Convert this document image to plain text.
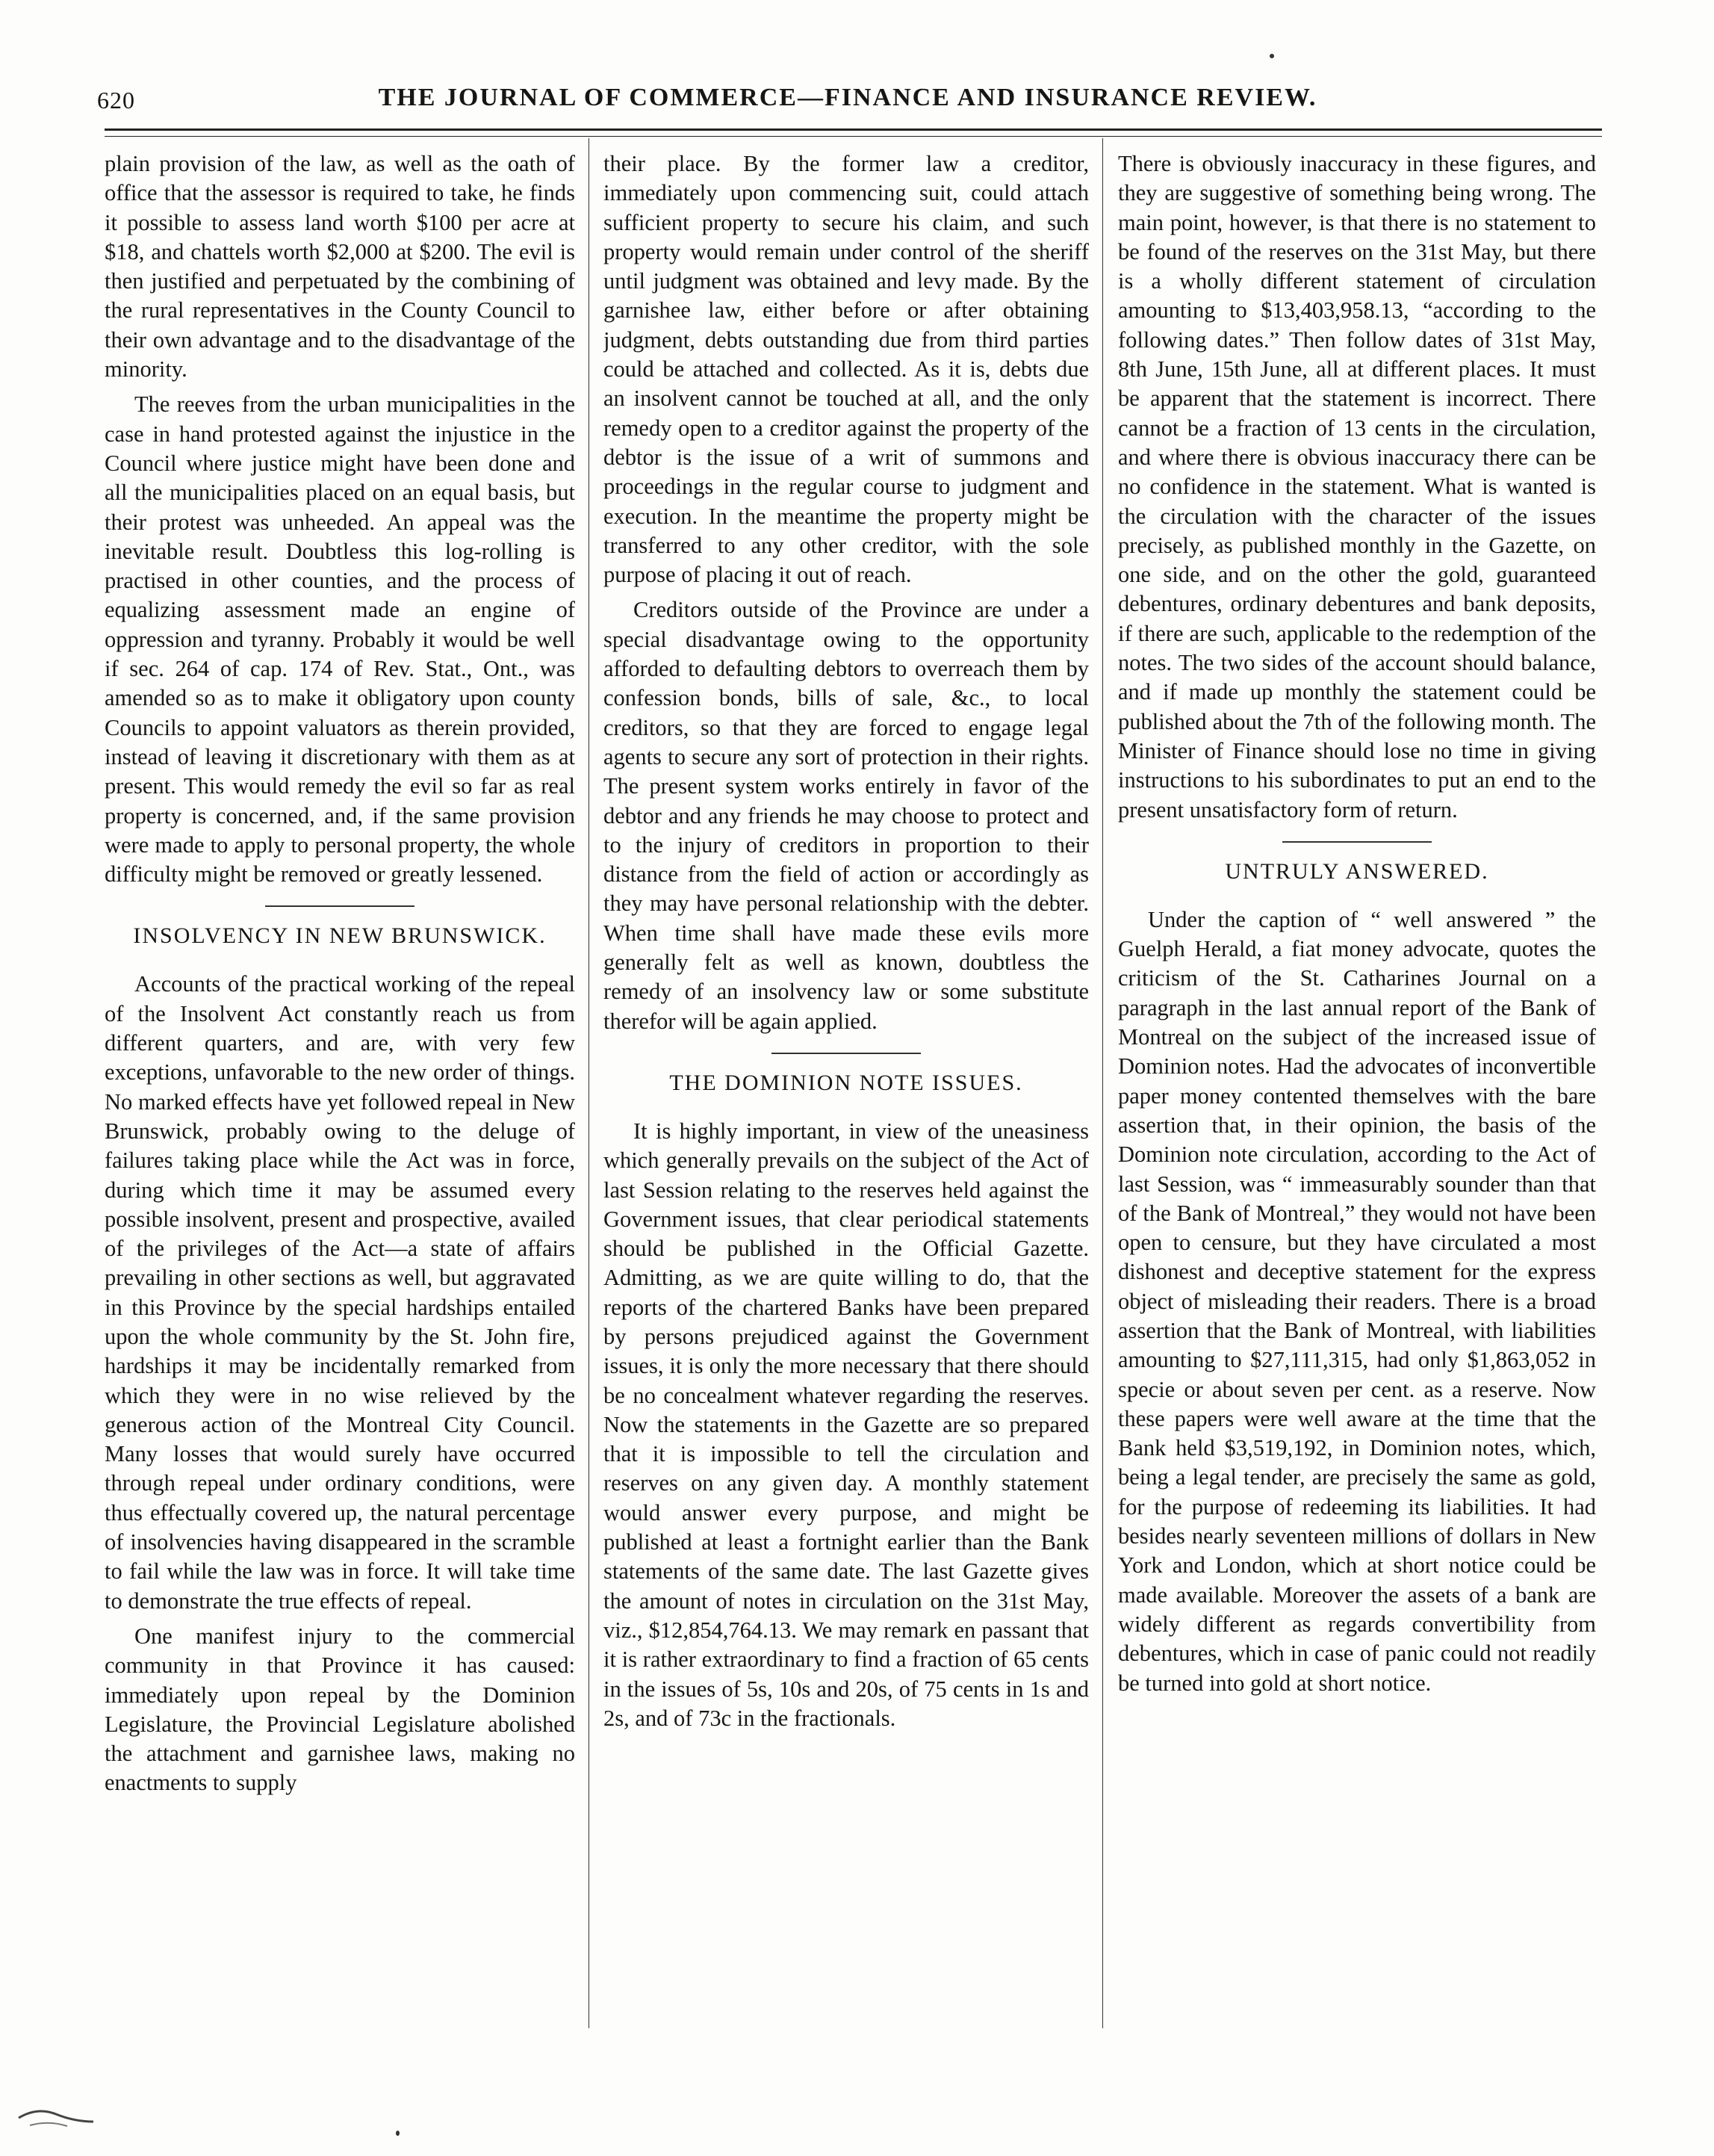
620	THE JOURNAL OF COMMERCE—FINANCE AND INSURANCE REVIEW.

plain provision of the law, as well as the oath of office that the assessor is required to take, he finds it possible to assess land worth $100 per acre at $18, and chattels worth $2,000 at $200. The evil is then justified and perpetuated by the combining of the rural representatives in the County Council to their own advantage and to the disadvantage of the minority.

The reeves from the urban municipalities in the case in hand protested against the injustice in the Council where justice might have been done and all the municipalities placed on an equal basis, but their protest was unheeded. An appeal was the inevitable result. Doubtless this log-rolling is practised in other counties, and the process of equalizing assessment made an engine of oppression and tyranny. Probably it would be well if sec. 264 of cap. 174 of Rev. Stat., Ont., was amended so as to make it obligatory upon county Councils to appoint valuators as therein provided, instead of leaving it discretionary with them as at present. This would remedy the evil so far as real property is concerned, and, if the same provision were made to apply to personal property, the whole difficulty might be removed or greatly lessened.

INSOLVENCY IN NEW BRUNSWICK.

Accounts of the practical working of the repeal of the Insolvent Act constantly reach us from different quarters, and are, with very few exceptions, unfavorable to the new order of things. No marked effects have yet followed repeal in New Brunswick, probably owing to the deluge of failures taking place while the Act was in force, during which time it may be assumed every possible insolvent, present and prospective, availed of the privileges of the Act—a state of affairs prevailing in other sections as well, but aggravated in this Province by the special hardships entailed upon the whole community by the St. John fire, hardships it may be incidentally remarked from which they were in no wise relieved by the generous action of the Montreal City Council. Many losses that would surely have occurred through repeal under ordinary conditions, were thus effectually covered up, the natural percentage of insolvencies having disappeared in the scramble to fail while the law was in force. It will take time to demonstrate the true effects of repeal.

One manifest injury to the commercial community in that Province it has caused: immediately upon repeal by the Dominion Legislature, the Provincial Legislature abolished the attachment and garnishee laws, making no enactments to supply

their place. By the former law a creditor, immediately upon commencing suit, could attach sufficient property to secure his claim, and such property would remain under control of the sheriff until judgment was obtained and levy made. By the garnishee law, either before or after obtaining judgment, debts outstanding due from third parties could be attached and collected. As it is, debts due an insolvent cannot be touched at all, and the only remedy open to a creditor against the property of the debtor is the issue of a writ of summons and proceedings in the regular course to judgment and execution. In the meantime the property might be transferred to any other creditor, with the sole purpose of placing it out of reach.

Creditors outside of the Province are under a special disadvantage owing to the opportunity afforded to defaulting debtors to overreach them by confession bonds, bills of sale, &c., to local creditors, so that they are forced to engage legal agents to secure any sort of protection in their rights. The present system works entirely in favor of the debtor and any friends he may choose to protect and to the injury of creditors in proportion to their distance from the field of action or accordingly as they may have personal relationship with the debter. When time shall have made these evils more generally felt as well as known, doubtless the remedy of an insolvency law or some substitute therefor will be again applied.

THE DOMINION NOTE ISSUES.

It is highly important, in view of the uneasiness which generally prevails on the subject of the Act of last Session relating to the reserves held against the Government issues, that clear periodical statements should be published in the Official Gazette. Admitting, as we are quite willing to do, that the reports of the chartered Banks have been prepared by persons prejudiced against the Government issues, it is only the more necessary that there should be no concealment whatever regarding the reserves. Now the statements in the Gazette are so prepared that it is impossible to tell the circulation and reserves on any given day. A monthly statement would answer every purpose, and might be published at least a fortnight earlier than the Bank statements of the same date. The last Gazette gives the amount of notes in circulation on the 31st May, viz., $12,854,764.13. We may remark en passant that it is rather extraordinary to find a fraction of 65 cents in the issues of 5s, 10s and 20s, of 75 cents in 1s and 2s, and of 73c in the fractionals.

There is obviously inaccuracy in these figures, and they are suggestive of something being wrong. The main point, however, is that there is no statement to be found of the reserves on the 31st May, but there is a wholly different statement of circulation amounting to $13,403,958.13, “according to the following dates.” Then follow dates of 31st May, 8th June, 15th June, all at different places. It must be apparent that the statement is incorrect. There cannot be a fraction of 13 cents in the circulation, and where there is obvious inaccuracy there can be no confidence in the statement. What is wanted is the circulation with the character of the issues precisely, as published monthly in the Gazette, on one side, and on the other the gold, guaranteed debentures, ordinary debentures and bank deposits, if there are such, applicable to the redemption of the notes. The two sides of the account should balance, and if made up monthly the statement could be published about the 7th of the following month. The Minister of Finance should lose no time in giving instructions to his subordinates to put an end to the present unsatisfactory form of return.

UNTRULY ANSWERED.

Under the caption of “ well answered ” the Guelph Herald, a fiat money advocate, quotes the criticism of the St. Catharines Journal on a paragraph in the last annual report of the Bank of Montreal on the subject of the increased issue of Dominion notes. Had the advocates of inconvertible paper money contented themselves with the bare assertion that, in their opinion, the basis of the Dominion note circulation, according to the Act of last Session, was “ immeasurably sounder than that of the Bank of Montreal,” they would not have been open to censure, but they have circulated a most dishonest and deceptive statement for the express object of misleading their readers. There is a broad assertion that the Bank of Montreal, with liabilities amounting to $27,111,315, had only $1,863,052 in specie or about seven per cent. as a reserve. Now these papers were well aware at the time that the Bank held $3,519,192, in Dominion notes, which, being a legal tender, are precisely the same as gold, for the purpose of redeeming its liabilities. It had besides nearly seventeen millions of dollars in New York and London, which at short notice could be made available. Moreover the assets of a bank are widely different as regards convertibility from debentures, which in case of panic could not readily be turned into gold at short notice.
